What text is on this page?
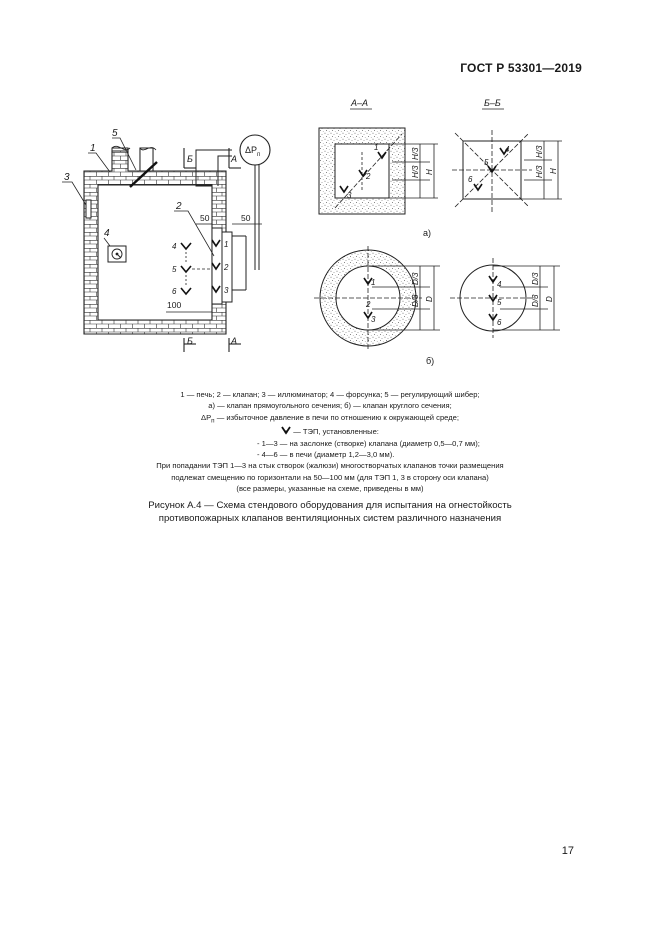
ГОСТ Р 53301—2019
$\Delta P_п$
4
5
6
1
2
3
1
2
3
4
5
50	50
100
Б	А
Б	А
А–А
1
2
3
H/3
H/3 H
а)
Б–Б
4
5
6
H/3
H/3 H
1
2
3
D/3
D/3 D
б)
4
5
6
D/3
D/3 D
1 — печь; 2 — клапан; 3 — иллюминатор; 4 — форсунка; 5 — регулирующий шибер;
а) — клапан прямоугольного сечения; б) — клапан круглого сечения;
$\Delta P_п$ — избыточное давление в печи по отношению к окружающей среде;
— ТЭП, установленные:
- 1—3 — на заслонке (створке) клапана (диаметр 0,5—0,7 мм);
- 4—6 — в печи (диаметр 1,2—3,0 мм).
При попадании ТЭП 1—3 на стык створок (жалюзи) многостворчатых клапанов точки размещения
подлежат смещению по горизонтали на 50—100 мм (для ТЭП 1, 3 в сторону оси клапана)
(все размеры, указанные на схеме, приведены в мм)
Рисунок А.4 — Схема стендового оборудования для испытания на огнестойкость
противопожарных клапанов вентиляционных систем различного назначения
17
